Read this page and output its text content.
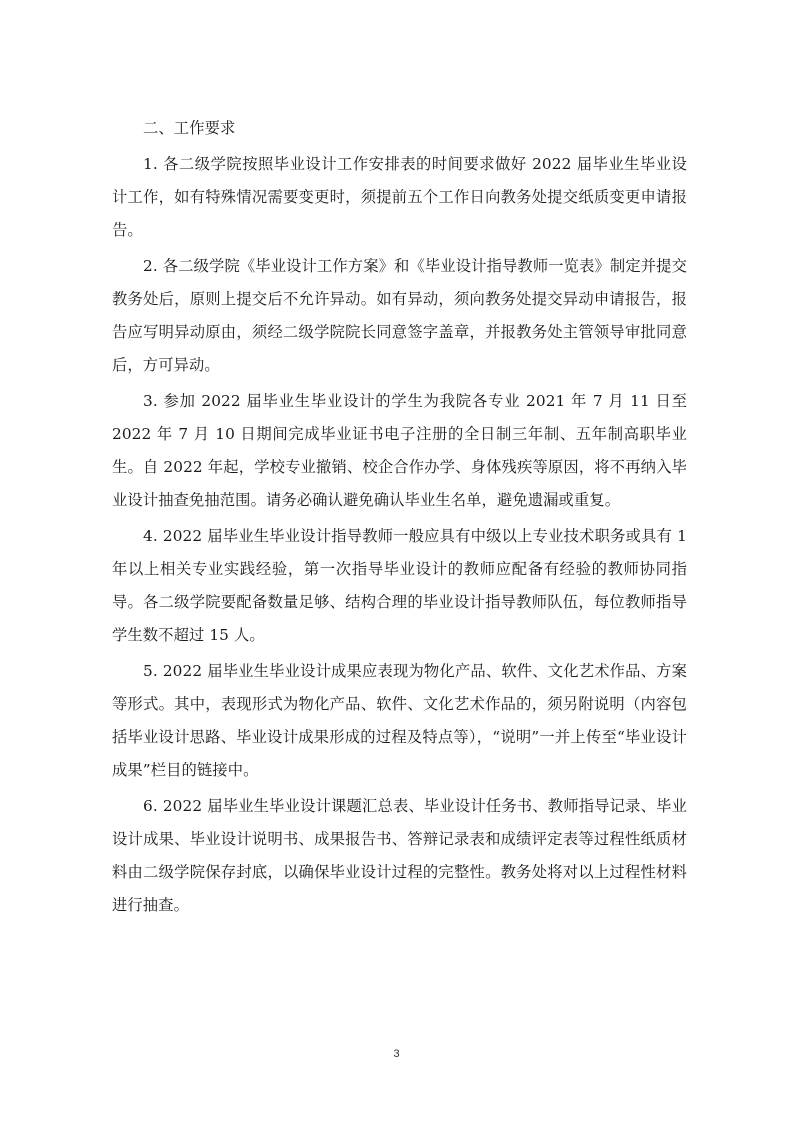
二、工作要求

1. 各二级学院按照毕业设计工作安排表的时间要求做好 2022 届毕业生毕业设计工作，如有特殊情况需要变更时，须提前五个工作日向教务处提交纸质变更申请报告。

2. 各二级学院《毕业设计工作方案》和《毕业设计指导教师一览表》制定并提交教务处后，原则上提交后不允许异动。如有异动，须向教务处提交异动申请报告，报告应写明异动原由，须经二级学院院长同意签字盖章，并报教务处主管领导审批同意后，方可异动。

3. 参加 2022 届毕业生毕业设计的学生为我院各专业 2021 年 7 月 11 日至 2022 年 7 月 10 日期间完成毕业证书电子注册的全日制三年制、五年制高职毕业生。自 2022 年起，学校专业撤销、校企合作办学、身体残疾等原因，将不再纳入毕业设计抽查免抽范围。请务必确认避免确认毕业生名单，避免遗漏或重复。

4. 2022 届毕业生毕业设计指导教师一般应具有中级以上专业技术职务或具有 1 年以上相关专业实践经验，第一次指导毕业设计的教师应配备有经验的教师协同指导。各二级学院要配备数量足够、结构合理的毕业设计指导教师队伍，每位教师指导学生数不超过 15 人。

5. 2022 届毕业生毕业设计成果应表现为物化产品、软件、文化艺术作品、方案等形式。其中，表现形式为物化产品、软件、文化艺术作品的，须另附说明（内容包括毕业设计思路、毕业设计成果形成的过程及特点等），“说明”一并上传至“毕业设计成果”栏目的链接中。

6. 2022 届毕业生毕业设计课题汇总表、毕业设计任务书、教师指导记录、毕业设计成果、毕业设计说明书、成果报告书、答辩记录表和成绩评定表等过程性纸质材料由二级学院保存封底，以确保毕业设计过程的完整性。教务处将对以上过程性材料进行抽查。

3
